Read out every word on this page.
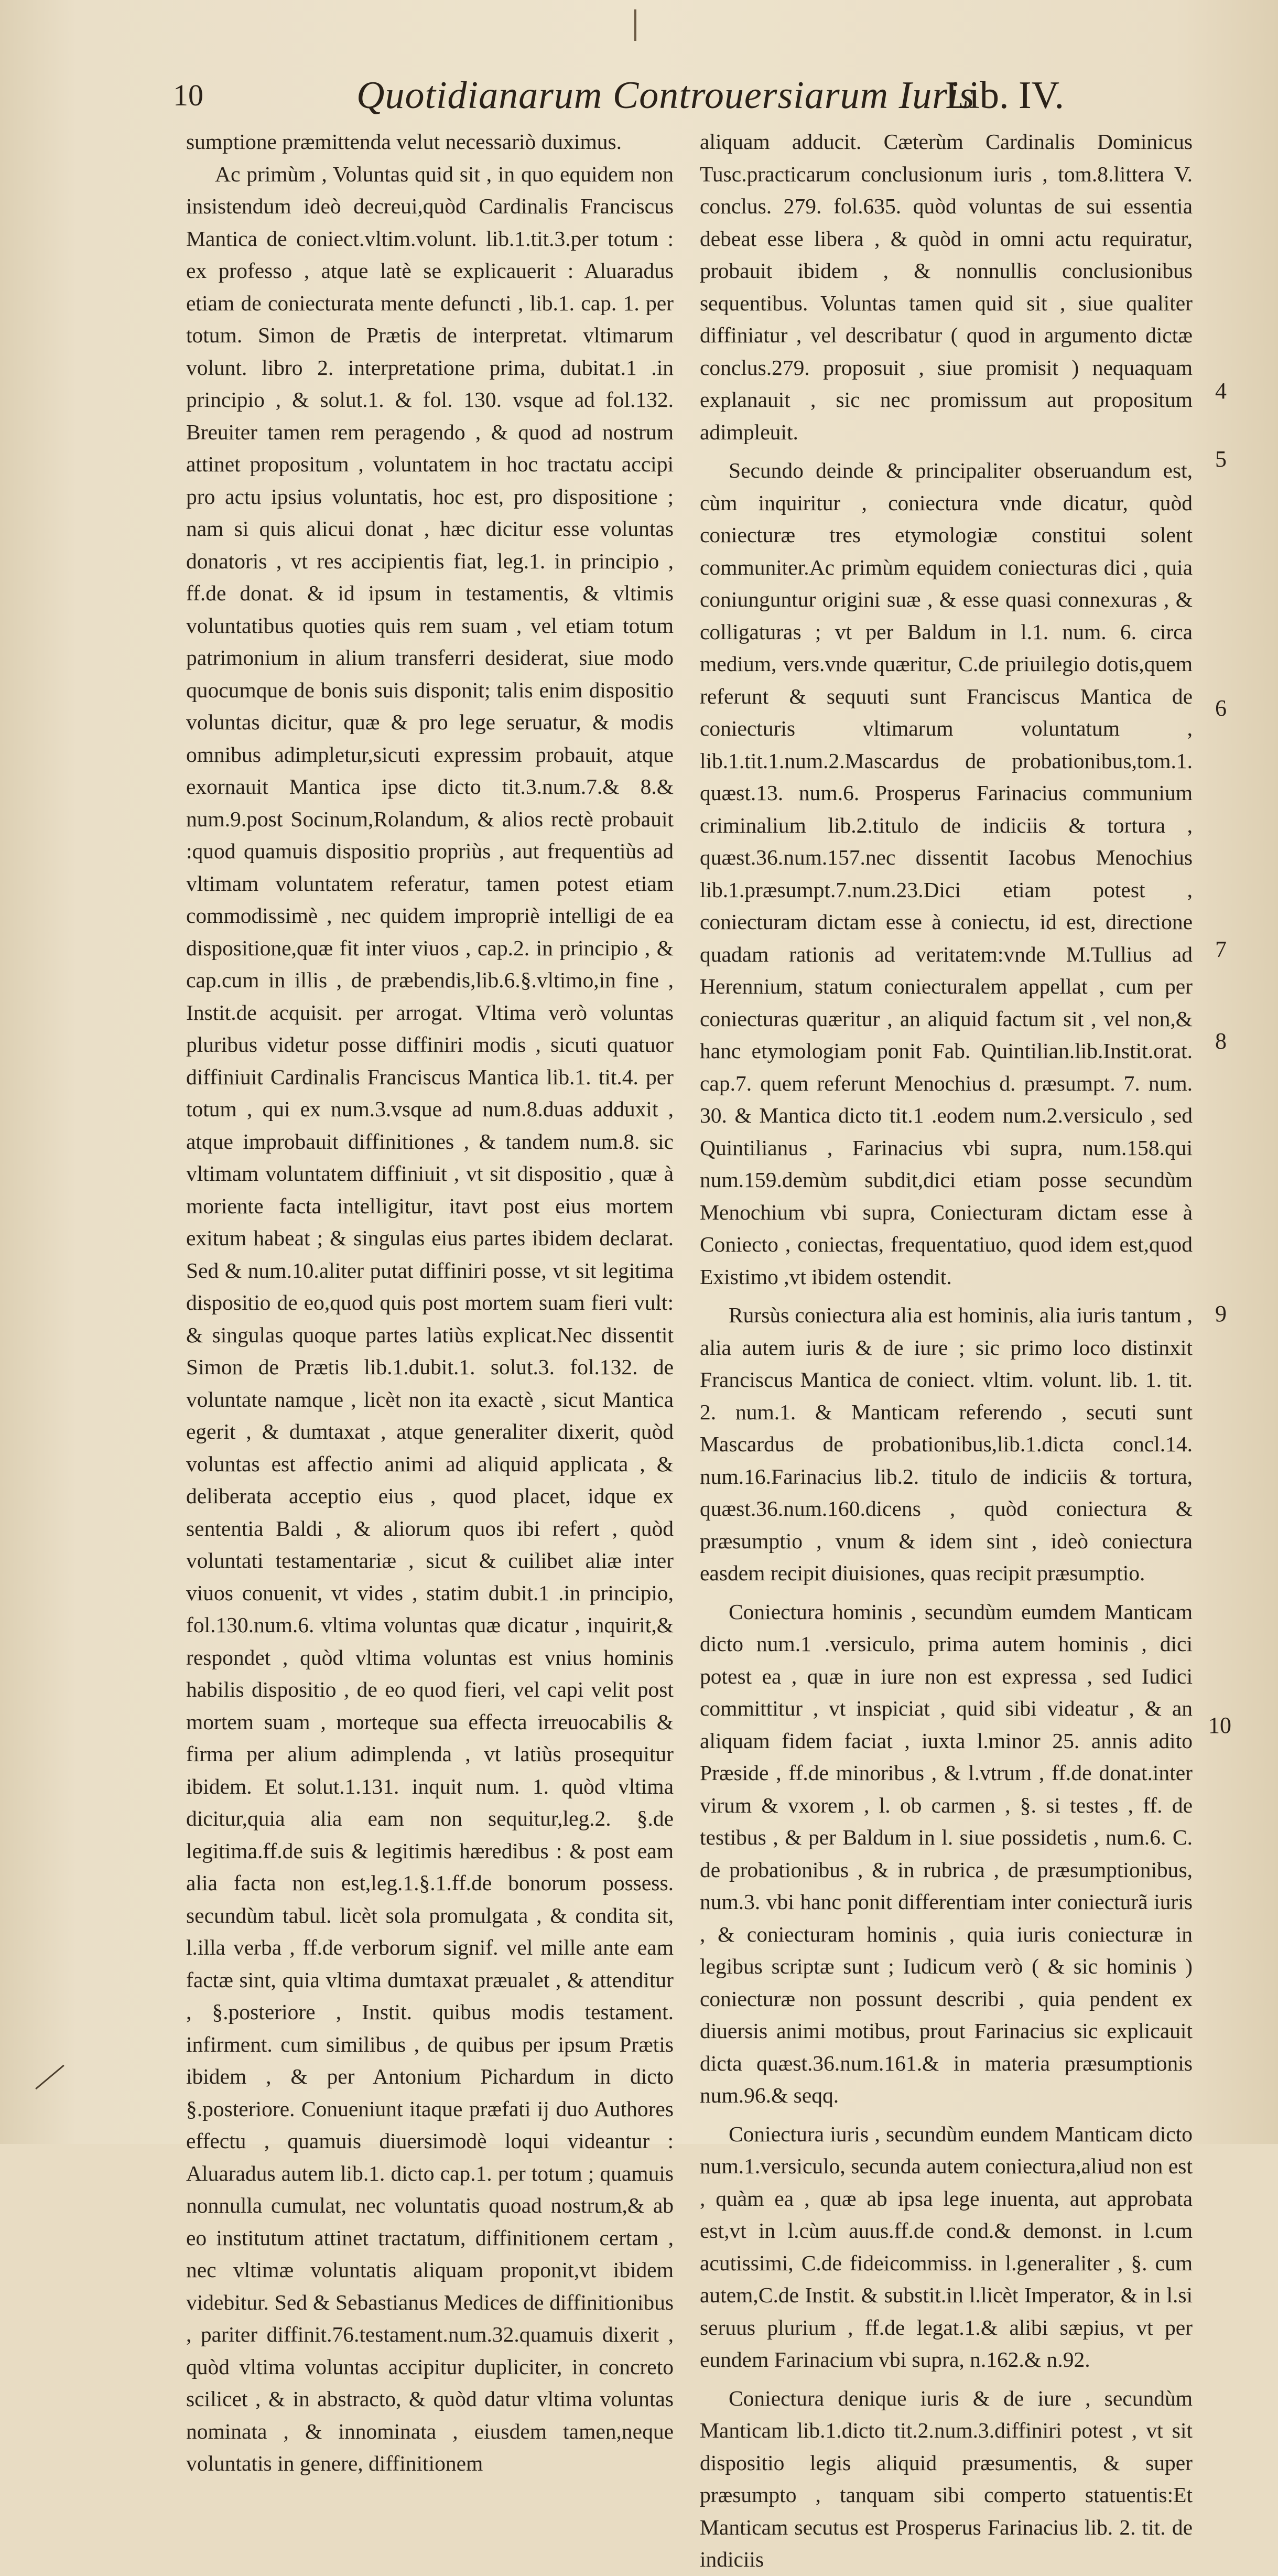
10	Quotidianarum Controuersiarum Iuris
Lib. IV.

sumptione præmittenda velut necessariò duximus.

Ac primùm , Voluntas quid sit , in quo equidem non insistendum ideò decreui,quòd Cardinalis Franciscus Mantica de coniect.vltim.volunt. lib.1.tit.3.per totum : ex professo , atque latè se explicauerit : Aluaradus etiam de coniecturata mente defuncti , lib.1. cap. 1. per totum. Simon de Prætis de interpretat. vltimarum volunt. libro 2. interpretatione prima, dubitat.1 .in principio , & solut.1. & fol. 130. vsque ad fol.132. Breuiter tamen rem peragendo , & quod ad nostrum attinet propositum , voluntatem in hoc tractatu accipi pro actu ipsius voluntatis, hoc est, pro dispositione ; nam si quis alicui donat , hæc dicitur esse voluntas donatoris , vt res accipientis fiat, leg.1. in principio , ff.de donat. & id ipsum in testamentis, & vltimis voluntatibus quoties quis rem suam , vel etiam totum patrimonium in alium transferri desiderat, siue modo quocumque de bonis suis disponit; talis enim dispositio voluntas dicitur, quæ & pro lege seruatur, & modis omnibus adimpletur,sicuti expressim probauit, atque exornauit Mantica ipse dicto tit.3.num.7.& 8.& num.9.post Socinum,Rolandum, & alios rectè probauit :quod quamuis dispositio propriùs , aut frequentiùs ad vltimam voluntatem referatur, tamen potest etiam commodissimè , nec quidem impropriè intelligi de ea dispositione,quæ fit inter viuos , cap.2. in principio , & cap.cum in illis , de præbendis,lib.6.§.vltimo,in fine , Instit.de acquisit. per arrogat. Vltima verò voluntas pluribus videtur posse diffiniri modis , sicuti quatuor diffiniuit Cardinalis Franciscus Mantica lib.1. tit.4. per totum , qui ex num.3.vsque ad num.8.duas adduxit , atque improbauit diffinitiones , & tandem num.8. sic vltimam voluntatem diffiniuit , vt sit dispositio , quæ à moriente facta intelligitur, itavt post eius mortem exitum habeat ; & singulas eius partes ibidem declarat. Sed & num.10.aliter putat diffiniri posse, vt sit legitima dispositio de eo,quod quis post mortem suam fieri vult: & singulas quoque partes latiùs explicat.Nec dissentit Simon de Prætis lib.1.dubit.1. solut.3. fol.132. de voluntate namque , licèt non ita exactè , sicut Mantica egerit , & dumtaxat , atque generaliter dixerit, quòd voluntas est affectio animi ad aliquid applicata , & deliberata acceptio eius , quod placet, idque ex sententia Baldi , & aliorum quos ibi refert , quòd voluntati testamentariæ , sicut & cuilibet aliæ inter viuos conuenit, vt vides , statim dubit.1 .in principio, fol.130.num.6. vltima voluntas quæ dicatur , inquirit,& respondet , quòd vltima voluntas est vnius hominis habilis dispositio , de eo quod fieri, vel capi velit post mortem suam , morteque sua effecta irreuocabilis & firma per alium adimplenda , vt latiùs prosequitur ibidem. Et solut.1.131. inquit num. 1. quòd vltima dicitur,quia alia eam non sequitur,leg.2. §.de legitima.ff.de suis & legitimis hæredibus : & post eam alia facta non est,leg.1.§.1.ff.de bonorum possess. secundùm tabul. licèt sola promulgata , & condita sit, l.illa verba , ff.de verborum signif. vel mille ante eam factæ sint, quia vltima dumtaxat præualet , & attenditur , §.posteriore , Instit. quibus modis testament. infirment. cum similibus , de quibus per ipsum Prætis ibidem , & per Antonium Pichardum in dicto §.posteriore. Conueniunt itaque præfati ij duo Authores effectu , quamuis diuersimodè loqui videantur : Aluaradus autem lib.1. dicto cap.1. per totum ; quamuis nonnulla cumulat, nec voluntatis quoad nostrum,& ab eo institutum attinet tractatum, diffinitionem certam , nec vltimæ voluntatis aliquam proponit,vt ibidem videbitur. Sed & Sebastianus Medices de diffinitionibus , pariter diffinit.76.testament.num.32.quamuis dixerit , quòd vltima voluntas accipitur dupliciter, in concreto scilicet , & in abstracto, & quòd datur vltima voluntas nominata , & innominata , eiusdem tamen,neque voluntatis in genere, diffinitionem

aliquam adducit. Cæterùm Cardinalis Dominicus Tusc.practicarum conclusionum iuris , tom.8.littera V. conclus. 279. fol.635. quòd voluntas de sui essentia debeat esse libera , & quòd in omni actu requiratur, probauit ibidem , & nonnullis conclusionibus sequentibus. Voluntas tamen quid sit , siue qualiter diffiniatur , vel describatur ( quod in argumento dictæ conclus.279. proposuit , siue promisit ) nequaquam explanauit , sic nec promissum aut propositum adimpleuit.

Secundo deinde & principaliter obseruandum est, cùm inquiritur , coniectura vnde dicatur, quòd coniecturæ tres etymologiæ constitui solent communiter.Ac primùm equidem coniecturas dici , quia coniunguntur origini suæ , & esse quasi connexuras , & colligaturas ; vt per Baldum in l.1. num. 6. circa medium, vers.vnde quæritur, C.de priuilegio dotis,quem referunt & sequuti sunt Franciscus Mantica de coniecturis vltimarum voluntatum , lib.1.tit.1.num.2.Mascardus de probationibus,tom.1. quæst.13. num.6. Prosperus Farinacius communium criminalium lib.2.titulo de indiciis & tortura , quæst.36.num.157.nec dissentit Iacobus Menochius lib.1.præsumpt.7.num.23.Dici etiam potest , coniecturam dictam esse à coniectu, id est, directione quadam rationis ad veritatem:vnde M.Tullius ad Herennium, statum coniecturalem appellat , cum per coniecturas quæritur , an aliquid factum sit , vel non,& hanc etymologiam ponit Fab. Quintilian.lib.Instit.orat. cap.7. quem referunt Menochius d. præsumpt. 7. num. 30. & Mantica dicto tit.1 .eodem num.2.versiculo , sed Quintilianus , Farinacius vbi supra, num.158.qui num.159.demùm subdit,dici etiam posse secundùm Menochium vbi supra, Coniecturam dictam esse à Coniecto , coniectas, frequentatiuo, quod idem est,quod Existimo ,vt ibidem ostendit.

Rursùs coniectura alia est hominis, alia iuris tantum , alia autem iuris & de iure ; sic primo loco distinxit Franciscus Mantica de coniect. vltim. volunt. lib. 1. tit. 2. num.1. & Manticam referendo , secuti sunt Mascardus de probationibus,lib.1.dicta concl.14. num.16.Farinacius lib.2. titulo de indiciis & tortura, quæst.36.num.160.dicens , quòd coniectura & præsumptio , vnum & idem sint , ideò coniectura easdem recipit diuisiones, quas recipit præsumptio.

Coniectura hominis , secundùm eumdem Manticam dicto num.1 .versiculo, prima autem hominis , dici potest ea , quæ in iure non est expressa , sed Iudici committitur , vt inspiciat , quid sibi videatur , & an aliquam fidem faciat , iuxta l.minor 25. annis adito Præside , ff.de minoribus , & l.vtrum , ff.de donat.inter virum & vxorem , l. ob carmen , §. si testes , ff. de testibus , & per Baldum in l. siue possidetis , num.6. C. de probationibus , & in rubrica , de præsumptionibus, num.3. vbi hanc ponit differentiam inter coniecturã iuris , & coniecturam hominis , quia iuris coniecturæ in legibus scriptæ sunt ; Iudicum verò ( & sic hominis ) coniecturæ non possunt describi , quia pendent ex diuersis animi motibus, prout Farinacius sic explicauit dicta quæst.36.num.161.& in materia præsumptionis num.96.& seqq.

Coniectura iuris , secundùm eundem Manticam dicto num.1.versiculo, secunda autem coniectura,aliud non est , quàm ea , quæ ab ipsa lege inuenta, aut approbata est,vt in l.cùm auus.ff.de cond.& demonst. in l.cum acutissimi, C.de fideicommiss. in l.generaliter , §. cum autem,C.de Instit. & substit.in l.licèt Imperator, & in l.si seruus plurium , ff.de legat.1.& alibi sæpius, vt per eundem Farinacium vbi supra, n.162.& n.92.

Coniectura denique iuris & de iure , secundùm Manticam lib.1.dicto tit.2.num.3.diffiniri potest , vt sit dispositio legis aliquid præsumentis, & super præsumpto , tanquam sibi comperto statuentis:Et Manticam secutus est Prosperus Farinacius lib. 2. tit. de indiciis

4
5
6
7
8
9
10
